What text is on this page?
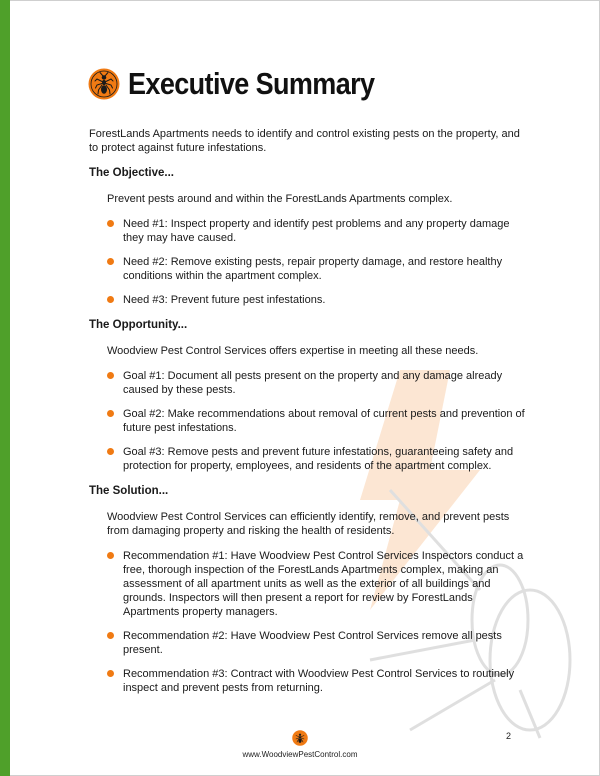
Executive Summary

ForestLands Apartments needs to identify and control existing pests on the property, and to protect against future infestations.

The Objective...

Prevent pests around and within the ForestLands Apartments complex.

Need #1: Inspect property and identify pest problems and any property damage they may have caused.
Need #2: Remove existing pests, repair property damage, and restore healthy conditions within the apartment complex.
Need #3: Prevent future pest infestations.
The Opportunity...

Woodview Pest Control Services offers expertise in meeting all these needs.

Goal #1: Document all pests present on the property and any damage already caused by these pests.
Goal #2: Make recommendations about removal of current pests and prevention of future pest infestations.
Goal #3: Remove pests and prevent future infestations, guaranteeing safety and protection for property, employees, and residents of the apartment complex.
The Solution...

Woodview Pest Control Services can efficiently identify, remove, and prevent pests from damaging property and risking the health of residents.

Recommendation #1: Have Woodview Pest Control Services Inspectors conduct a free, thorough inspection of the ForestLands Apartments complex, making an assessment of all apartment units as well as the exterior of all buildings and grounds. Inspectors will then present a report for review by ForestLands Apartments property managers.
Recommendation #2: Have Woodview Pest Control Services remove all pests present.
Recommendation #3: Contract with Woodview Pest Control Services to routinely inspect and prevent pests from returning.
www.WoodviewPestControl.com
2
